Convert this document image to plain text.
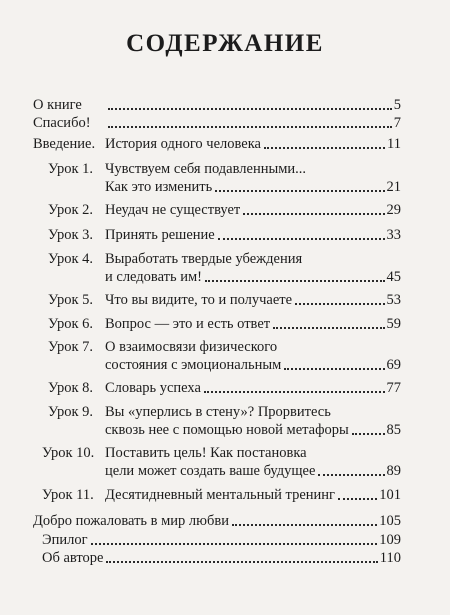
СОДЕРЖАНИЕ
О книге	5
Спасибо!	7
Введение. История одного человека	11
Урок 1. Чувствуем себя подавленными...
Как это изменить	21
Урок 2. Неудач не существует	29
Урок 3. Принять решение	33
Урок 4. Выработать твердые убеждения
и следовать им!	45
Урок 5. Что вы видите, то и получаете	53
Урок 6. Вопрос — это и есть ответ	59
Урок 7. О взаимосвязи физического
состояния с эмоциональным	69
Урок 8. Словарь успеха	77
Урок 9. Вы «уперлись в стену»? Прорвитесь
сквозь нее с помощью новой метафоры	85
Урок 10. Поставить цель! Как постановка
цели может создать ваше будущее	89
Урок 11. Десятидневный ментальный тренинг	101
Добро пожаловать в мир любви	105
Эпилог	109
Об авторе	110
